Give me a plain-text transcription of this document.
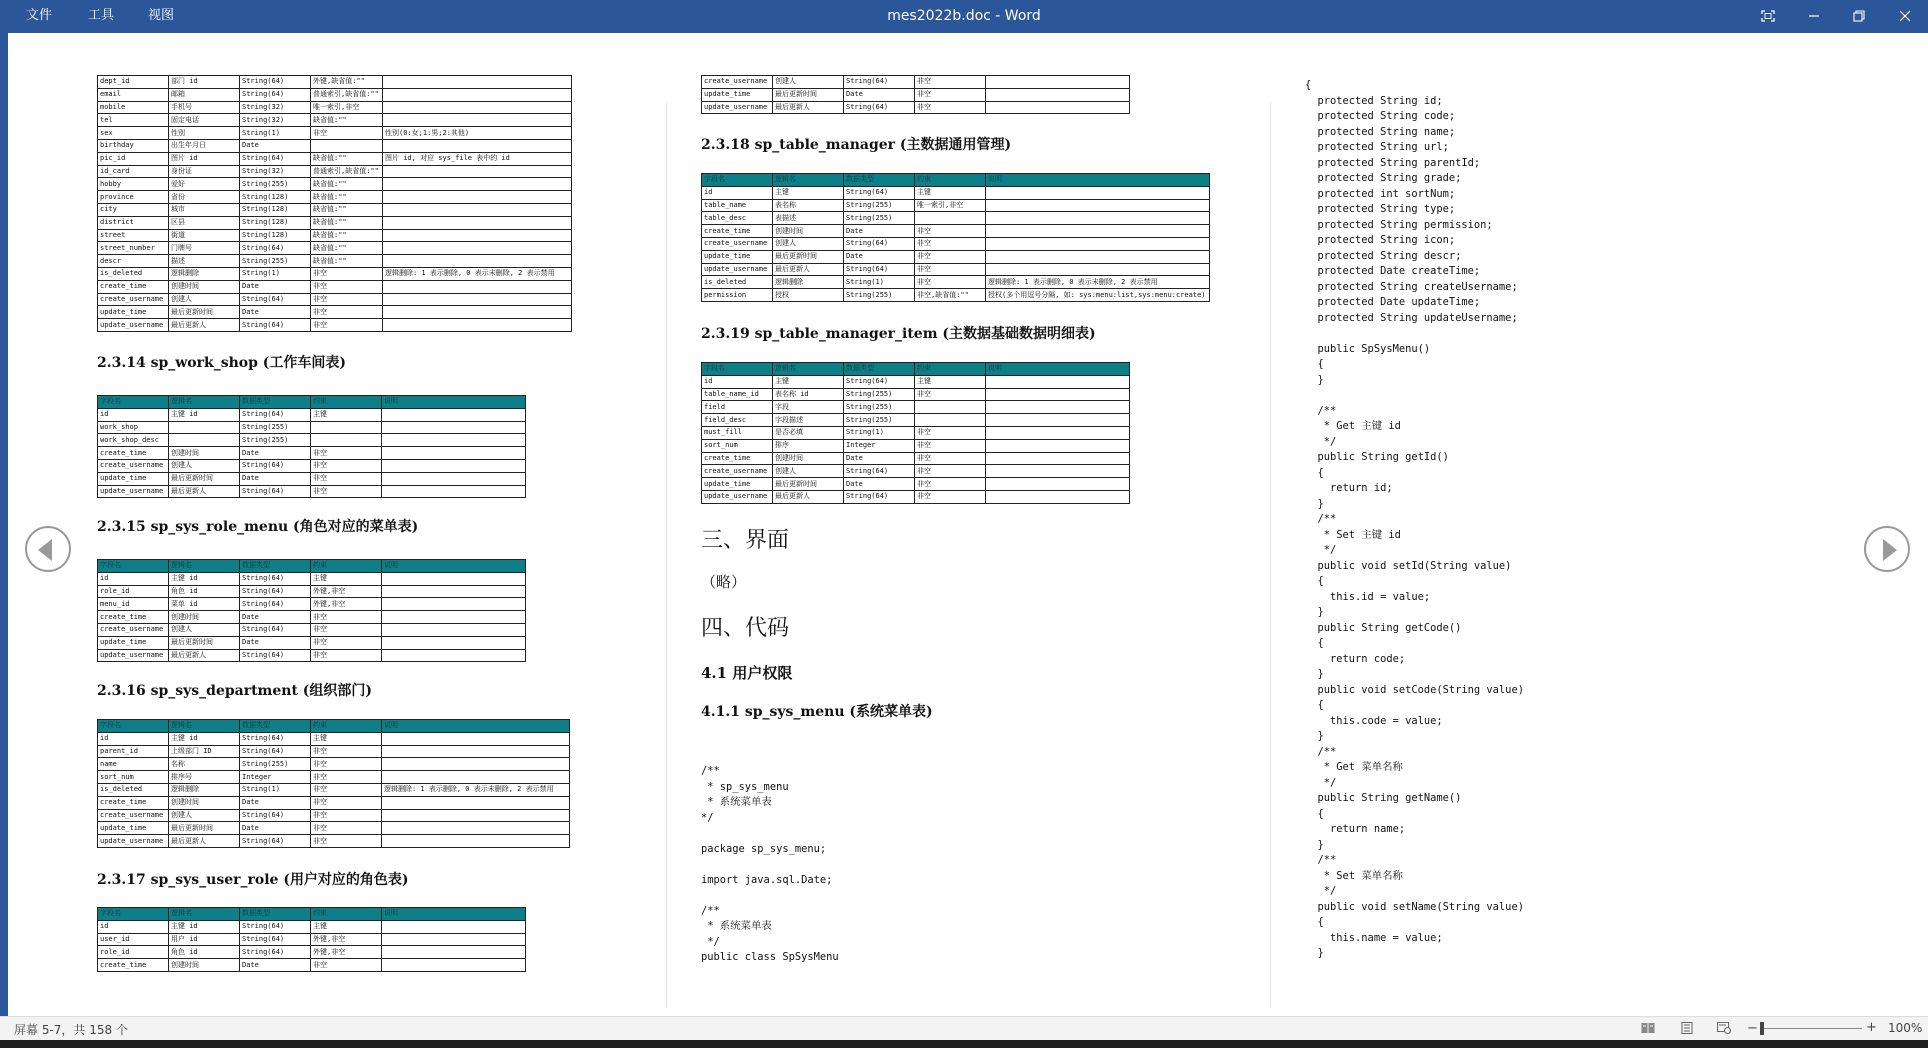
文件	工具	视图	mes2022b.doc - Word
dept_id	部门 id	String(64)	外键,缺省值:""	
email	邮箱	String(64)	普通索引,缺省值:""	
mobile	手机号	String(32)	唯一索引,非空	
tel	固定电话	String(32)	缺省值:""	
sex	性别	String(1)	非空	性别(0:女;1:男;2:其他)
birthday	出生年月日	Date		
pic_id	图片 id	String(64)	缺省值:""	图片 id, 对应 sys_file 表中的 id
id_card	身份证	String(32)	普通索引,缺省值:""	
hobby	爱好	String(255)	缺省值:""	
province	省份	String(128)	缺省值:""	
city	城市	String(128)	缺省值:""	
district	区县	String(128)	缺省值:""	
street	街道	String(128)	缺省值:""	
street_number	门牌号	String(64)	缺省值:""	
descr	描述	String(255)	缺省值:""	
is_deleted	逻辑删除	String(1)	非空	逻辑删除: 1 表示删除, 0 表示未删除, 2 表示禁用
create_time	创建时间	Date	非空	
create_username	创建人	String(64)	非空	
update_time	最后更新时间	Date	非空	
update_username	最后更新人	String(64)	非空	
2.3.14 sp_work_shop (工作车间表)
字段名	逻辑名	数据类型	约束	说明
id	主键 id	String(64)	主键	
work_shop		String(255)		
work_shop_desc		String(255)		
create_time	创建时间	Date	非空	
create_username	创建人	String(64)	非空	
update_time	最后更新时间	Date	非空	
update_username	最后更新人	String(64)	非空	
2.3.15 sp_sys_role_menu (角色对应的菜单表)
字段名	逻辑名	数据类型	约束	说明
id	主键 id	String(64)	主键	
role_id	角色 id	String(64)	外键,非空	
menu_id	菜单 id	String(64)	外键,非空	
create_time	创建时间	Date	非空	
create_username	创建人	String(64)	非空	
update_time	最后更新时间	Date	非空	
update_username	最后更新人	String(64)	非空	
2.3.16 sp_sys_department (组织部门)
字段名	逻辑名	数据类型	约束	说明
id	主键 id	String(64)	主键	
parent_id	上级部门 ID	String(64)	非空	
name	名称	String(255)	非空	
sort_num	排序号	Integer	非空	
is_deleted	逻辑删除	String(1)	非空	逻辑删除: 1 表示删除, 0 表示未删除, 2 表示禁用
create_time	创建时间	Date	非空	
create_username	创建人	String(64)	非空	
update_time	最后更新时间	Date	非空	
update_username	最后更新人	String(64)	非空	
2.3.17 sp_sys_user_role (用户对应的角色表)
字段名	逻辑名	数据类型	约束	说明
id	主键 id	String(64)	主键	
user_id	用户 id	String(64)	外键,非空	
role_id	角色 id	String(64)	外键,非空	
create_time	创建时间	Date	非空	
create_username	创建人	String(64)	非空	
update_time	最后更新时间	Date	非空	
update_username	最后更新人	String(64)	非空	
2.3.18 sp_table_manager (主数据通用管理)
字段名	逻辑名	数据类型	约束	说明
id	主键	String(64)	主键	
table_name	表名称	String(255)	唯一索引,非空	
table_desc	表描述	String(255)		
create_time	创建时间	Date	非空	
create_username	创建人	String(64)	非空	
update_time	最后更新时间	Date	非空	
update_username	最后更新人	String(64)	非空	
is_deleted	逻辑删除	String(1)	非空	逻辑删除: 1 表示删除, 0 表示未删除, 2 表示禁用
permission	授权	String(255)	非空,缺省值:""	授权(多个用逗号分隔, 如: sys:menu:list,sys:menu:create)
2.3.19 sp_table_manager_item (主数据基础数据明细表)
字段名	逻辑名	数据类型	约束	说明
id	主键	String(64)	主键	
table_name_id	表名称 id	String(255)	非空	
field	字段	String(255)		
field_desc	字段描述	String(255)		
must_fill	是否必填	String(1)	非空	
sort_num	排序	Integer	非空	
create_time	创建时间	Date	非空	
create_username	创建人	String(64)	非空	
update_time	最后更新时间	Date	非空	
update_username	最后更新人	String(64)	非空	
三、界面
（略）
四、代码
4.1 用户权限
4.1.1 sp_sys_menu (系统菜单表)
/**
* sp_sys_menu
* 系统菜单表
*/

package sp_sys_menu;

import java.sql.Date;

/**
* 系统菜单表
*/
public class SpSysMenu
{
protected String id;
protected String code;
protected String name;
protected String url;
protected String parentId;
protected String grade;
protected int sortNum;
protected String type;
protected String permission;
protected String icon;
protected String descr;
protected Date createTime;
protected String createUsername;
protected Date updateTime;
protected String updateUsername;

public SpSysMenu()
{
}

/**
* Get 主键 id
*/
public String getId()
{
return id;
}
/**
* Set 主键 id
*/
public void setId(String value)
{
this.id = value;
}
public String getCode()
{
return code;
}
public void setCode(String value)
{
this.code = value;
}
/**
* Get 菜单名称
*/
public String getName()
{
return name;
}
/**
* Set 菜单名称
*/
public void setName(String value)
{
this.name = value;
}
屏幕 5-7，共 158 个	−	+ 100%
